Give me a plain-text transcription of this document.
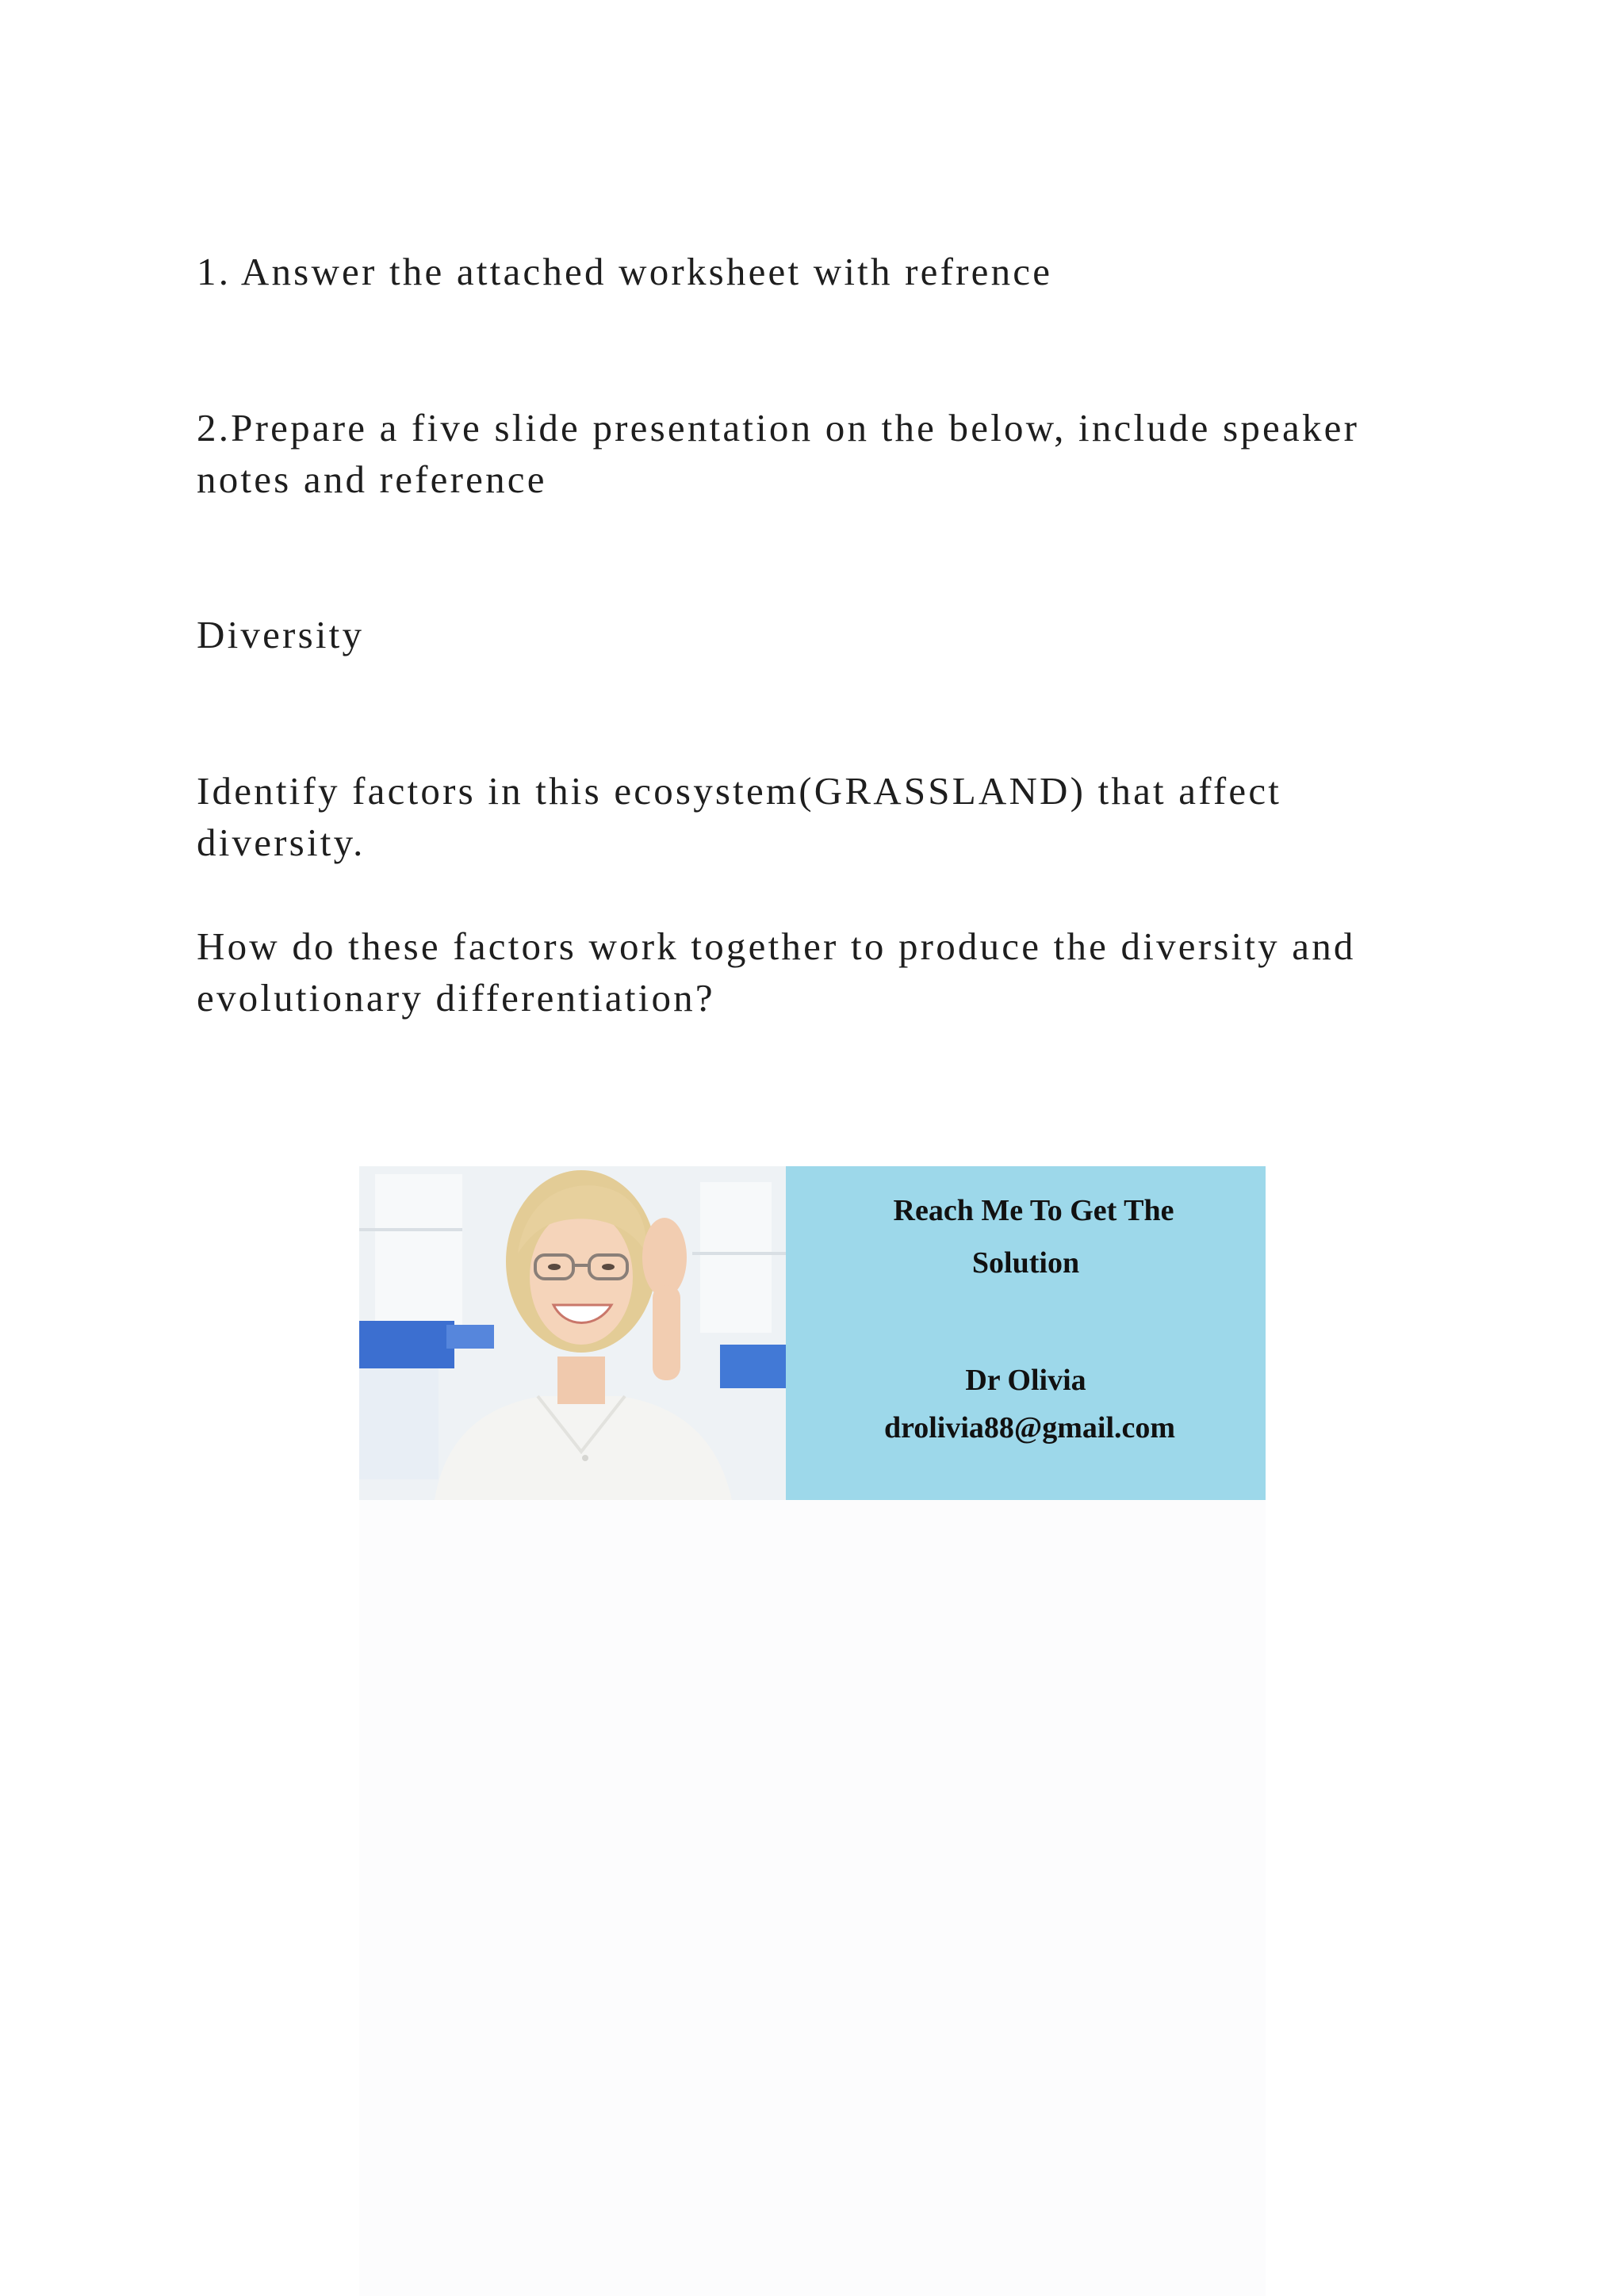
1. Answer the attached worksheet with refrence

2.Prepare a five slide presentation on the below, include speaker notes and reference

Diversity

Identify factors in this ecosystem(GRASSLAND) that affect diversity.

How do these factors work together to produce the diversity and evolutionary differentiation?

Reach Me To Get The

Solution

Dr Olivia

drolivia88@gmail.com
